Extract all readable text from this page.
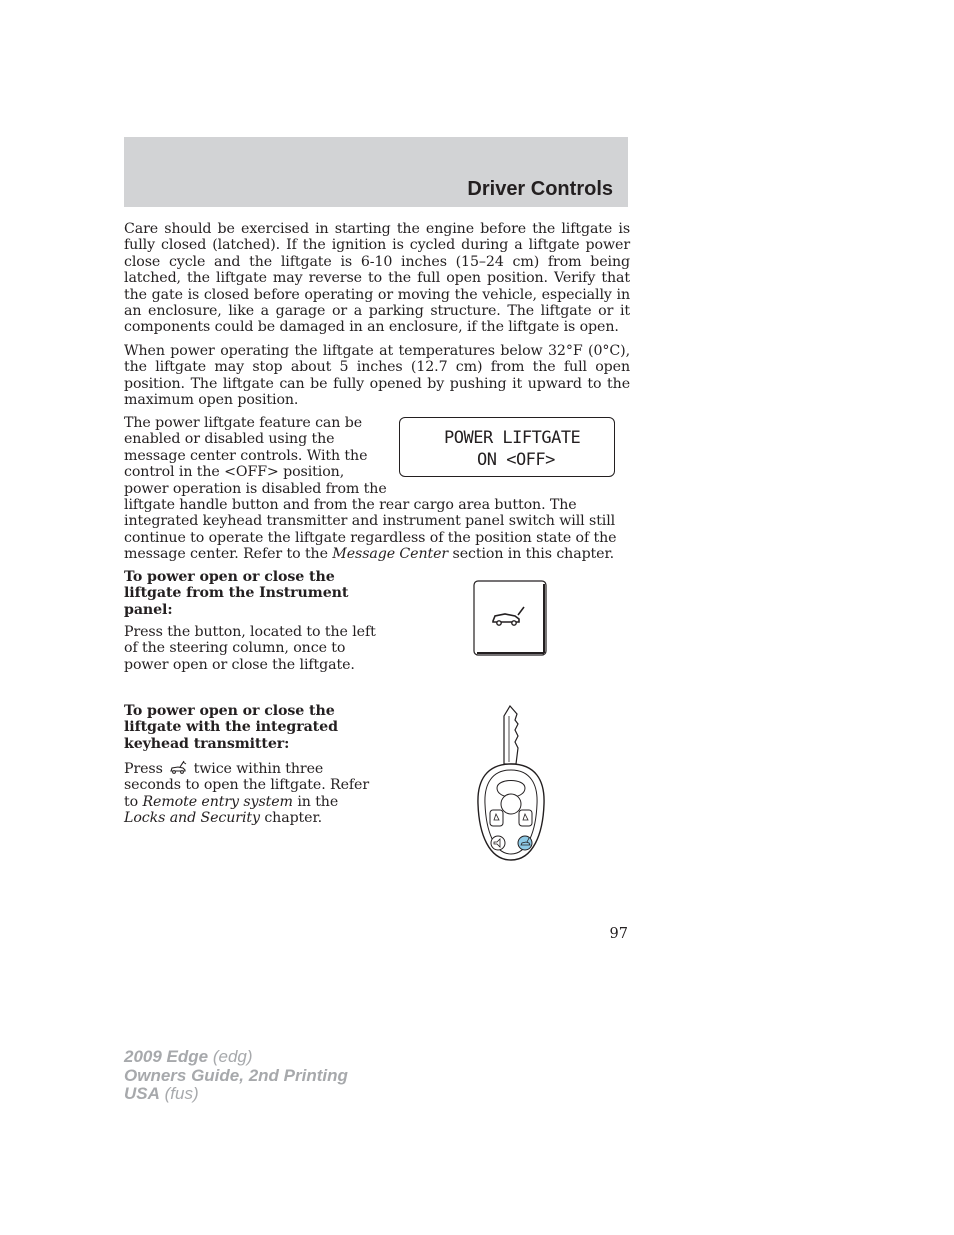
Driver Controls

Care should be exercised in starting the engine before the liftgate is fully closed (latched). If the ignition is cycled during a liftgate power close cycle and the liftgate is 6-10 inches (15–24 cm) from being latched, the liftgate may reverse to the full open position. Verify that the gate is closed before operating or moving the vehicle, especially in an enclosure, like a garage or a parking structure. The liftgate or it components could be damaged in an enclosure, if the liftgate is open.

When power operating the liftgate at temperatures below 32°F (0°C), the liftgate may stop about 5 inches (12.7 cm) from the full open position. The liftgate can be fully opened by pushing it upward to the maximum open position.

The power liftgate feature can be
enabled or disabled using the
message center controls. With the
control in the <OFF> position,
power operation is disabled from the
liftgate handle button and from the rear cargo area button. The
integrated keyhead transmitter and instrument panel switch will still
continue to operate the liftgate regardless of the position state of the
message center. Refer to the Message Center section in this chapter.
POWER LIFTGATE
ON <OFF>
To power open or close the
liftgate from the Instrument
panel:
Press the button, located to the left
of the steering column, once to
power open or close the liftgate.
To power open or close the
liftgate with the integrated
keyhead transmitter:
Press  twice within three
seconds to open the liftgate. Refer
to Remote entry system in the
Locks and Security chapter.
97
2009 Edge (edg)
Owners Guide, 2nd Printing
USA (fus)
